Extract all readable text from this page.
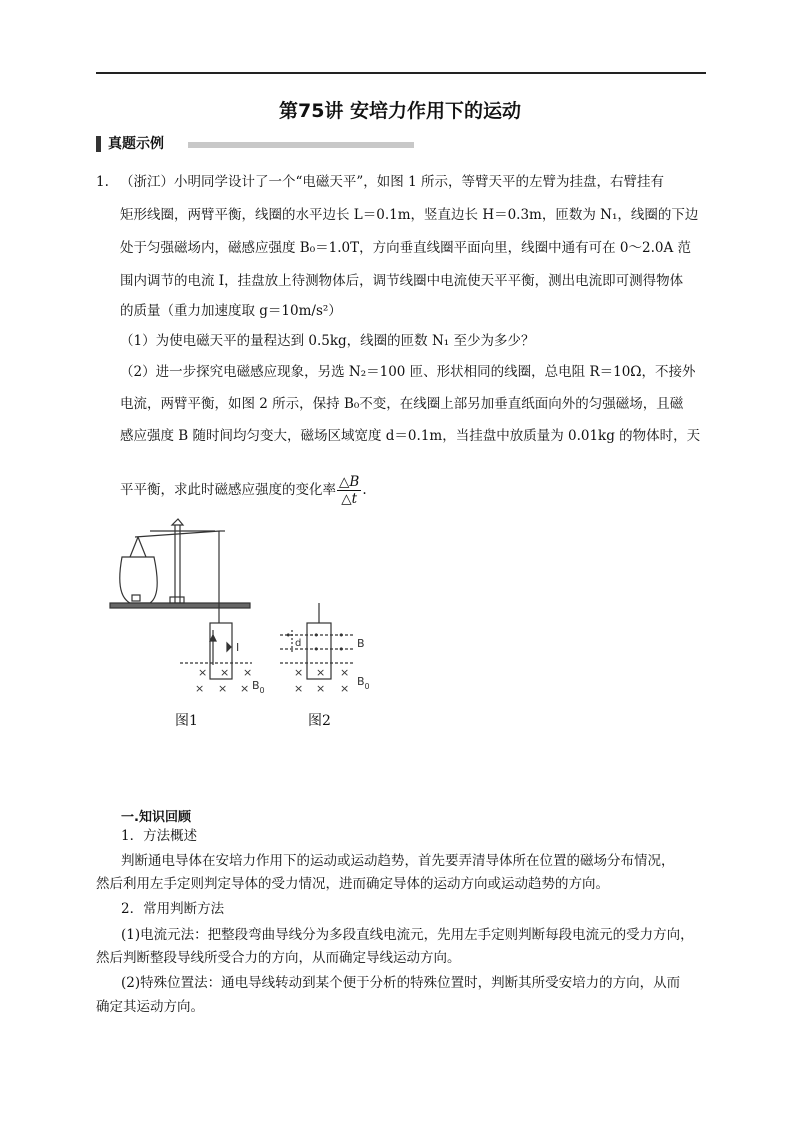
第75讲 安培力作用下的运动
真题示例
1. （浙江）小明同学设计了一个“电磁天平”，如图 1 所示，等臂天平的左臂为挂盘，右臂挂有
矩形线圈，两臂平衡，线圈的水平边长 L＝0.1m，竖直边长 H＝0.3m，匝数为 N₁，线圈的下边
处于匀强磁场内，磁感应强度 B₀＝1.0T，方向垂直线圈平面向里，线圈中通有可在 0～2.0A 范
围内调节的电流 I，挂盘放上待测物体后，调节线圈中电流使天平平衡，测出电流即可测得物体
的质量（重力加速度取 g＝10m/s²）
（1）为使电磁天平的量程达到 0.5kg，线圈的匝数 N₁ 至少为多少？
（2）进一步探究电磁感应现象，另选 N₂＝100 匝、形状相同的线圈，总电阻 R＝10Ω，不接外
电流，两臂平衡，如图 2 所示，保持 B₀不变，在线圈上部另加垂直纸面向外的匀强磁场，且磁
感应强度 B 随时间均匀变大，磁场区域宽度 d＝0.1m，当挂盘中放质量为 0.01kg 的物体时，天
平平衡，求此时磁感应强度的变化率 $\frac{\triangle B}{\triangle t}$ .
I
× × ×
× × × $B_0$
d
• • •
• • B
× × ×
× × ×
$B_0$
图1	图2
一.知识回顾
1．方法概述
判断通电导体在安培力作用下的运动或运动趋势，首先要弄清导体所在位置的磁场分布情况，
然后利用左手定则判定导体的受力情况，进而确定导体的运动方向或运动趋势的方向。
2．常用判断方法
(1)电流元法：把整段弯曲导线分为多段直线电流元，先用左手定则判断每段电流元的受力方向，
然后判断整段导线所受合力的方向，从而确定导线运动方向。
(2)特殊位置法：通电导线转动到某个便于分析的特殊位置时，判断其所受安培力的方向，从而
确定其运动方向。
